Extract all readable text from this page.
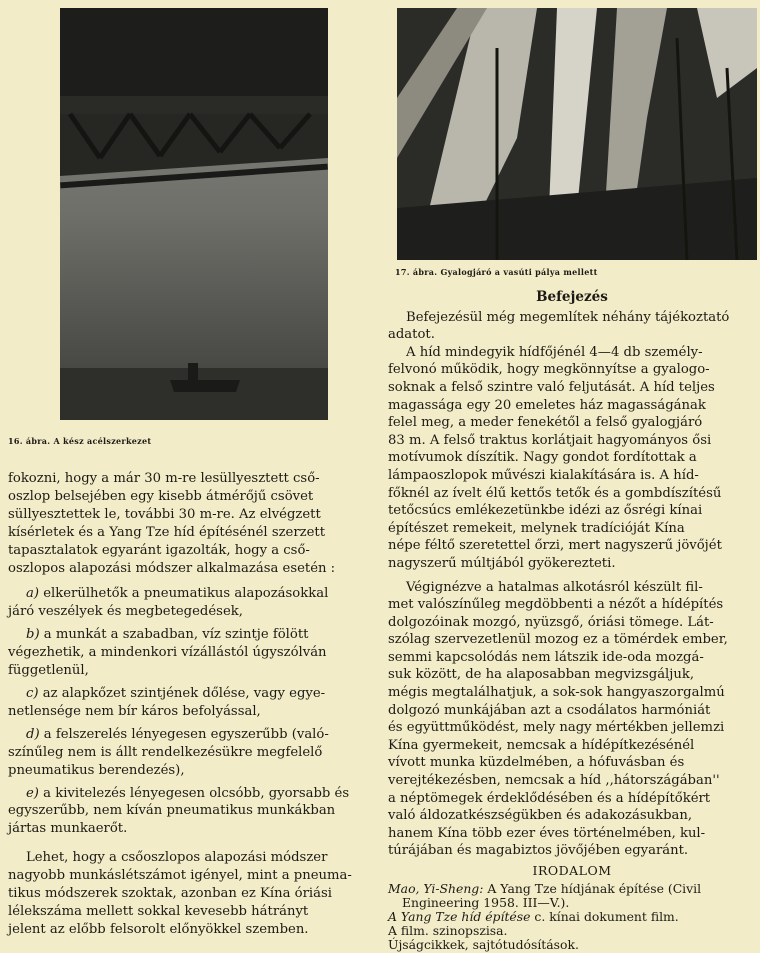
16. ábra. A kész acélszerkezet
17. ábra. Gyalogjáró a vasúti pálya mellett

fokozni, hogy a már 30 m-re lesüllyesztett cső-
oszlop belsejében egy kisebb átmérőjű csövet
süllyesztettek le, további 30 m-re. Az elvégzett
kísérletek és a Yang Tze híd építésénél szerzett
tapasztalatok egyaránt igazolták, hogy a cső-
oszlopos alapozási módszer alkalmazása esetén :

a) elkerülhetők a pneumatikus alapozásokkal
járó veszélyek és megbetegedések,

b) a munkát a szabadban, víz szintje fölött
végezhetik, a mindenkori vízállástól úgyszólván
függetlenül,

c) az alapkőzet szintjének dőlése, vagy egye-
netlensége nem bír káros befolyással,

d) a felszerelés lényegesen egyszerűbb (való-
színűleg nem is állt rendelkezésükre megfelelő
pneumatikus berendezés),

e) a kivitelezés lényegesen olcsóbb, gyorsabb és
egyszerűbb, nem kíván pneumatikus munkákban
jártas munkaerőt.

Lehet, hogy a csőoszlopos alapozási módszer
nagyobb munkáslétszámot igényel, mint a pneuma-
tikus módszerek szoktak, azonban ez Kína óriási
lélekszáma mellett sokkal kevesebb hátrányt
jelent az előbb felsorolt előnyökkel szemben.

Befejezés

Befejezésül még megemlítek néhány tájékoztató
adatot.

A híd mindegyik hídfőjénél 4—4 db személy-
felvonó működik, hogy megkönnyítse a gyalogo-
soknak a felső szintre való feljutását. A híd teljes
magassága egy 20 emeletes ház magasságának
felel meg, a meder fenekétől a felső gyalogjáró
83 m. A felső traktus korlátjait hagyományos ősi
motívumok díszítik. Nagy gondot fordítottak a
lámpaoszlopok művészi kialakítására is. A híd-
főknél az ívelt élű kettős tetők és a gombdíszítésű
tetőcsúcs emlékezetünkbe idézi az ősrégi kínai
építészet remekeit, melynek tradícióját Kína
népe féltő szeretettel őrzi, mert nagyszerű jövőjét
nagyszerű múltjából gyökerezteti.

Végignézve a hatalmas alkotásról készült fil-
met valószínűleg megdöbbenti a nézőt a hídépítés
dolgozóinak mozgó, nyüzsgő, óriási tömege. Lát-
szólag szervezetlenül mozog ez a tömérdek ember,
semmi kapcsolódás nem látszik ide-oda mozgá-
suk között, de ha alaposabban megvizsgáljuk,
mégis megtalálhatjuk, a sok-sok hangyaszorgalmú
dolgozó munkájában azt a csodálatos harmóniát
és együttműködést, mely nagy mértékben jellemzi
Kína gyermekeit, nemcsak a hídépítkezésénél
vívott munka küzdelmében, a hófuvásban és
verejtékezésben, nemcsak a híd ,,hátországában''
a néptömegek érdeklődésében és a hídépítőkért
való áldozatkészségükben és adakozásukban,
hanem Kína több ezer éves történelmében, kul-
túrájában és magabiztos jövőjében egyaránt.

IRODALOM
Mao, Yi-Sheng: A Yang Tze hídjának építése (Civil Engineering 1958. III—V.).
A Yang Tze híd építése c. kínai dokument film.
A film. szinopszisa.
Újságcikkek, sajtótudósítások.
